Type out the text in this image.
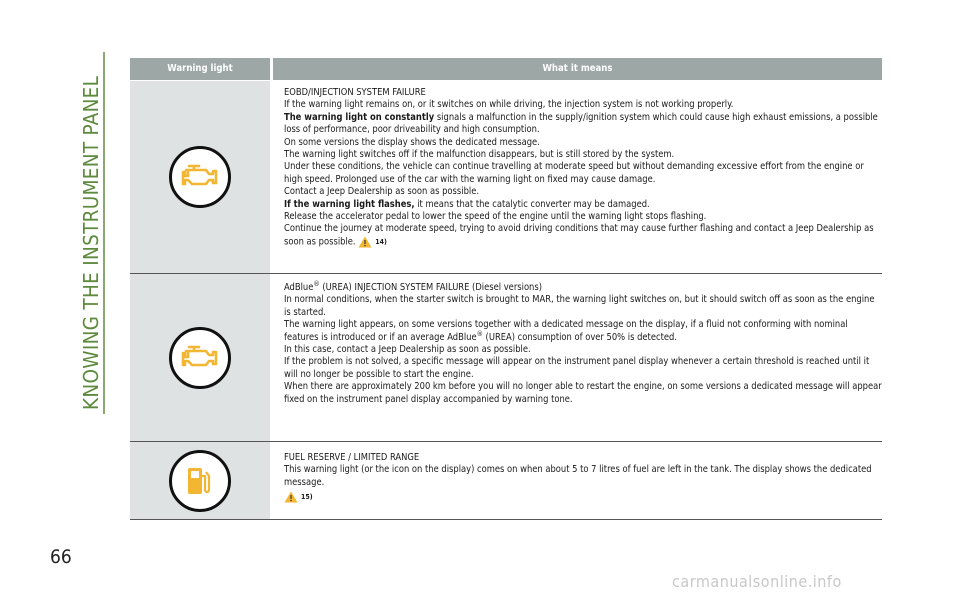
KNOWING THE INSTRUMENT PANEL
66
Warning light	What it means

EOBD/INJECTION SYSTEM FAILURE

If the warning light remains on, or it switches on while driving, the injection system is not working properly.

The warning light on constantly signals a malfunction in the supply/ignition system which could cause high exhaust emissions, a possible loss of performance, poor driveability and high consumption.

On some versions the display shows the dedicated message.

The warning light switches off if the malfunction disappears, but is still stored by the system.

Under these conditions, the vehicle can continue travelling at moderate speed but without demanding excessive effort from the engine or high speed. Prolonged use of the car with the warning light on fixed may cause damage.

Contact a Jeep Dealership as soon as possible.

If the warning light flashes, it means that the catalytic converter may be damaged.

Release the accelerator pedal to lower the speed of the engine until the warning light stops flashing.

Continue the journey at moderate speed, trying to avoid driving conditions that may cause further flashing and contact a Jeep Dealership as soon as possible.	14)

AdBlue® (UREA) INJECTION SYSTEM FAILURE (Diesel versions)

In normal conditions, when the starter switch is brought to MAR, the warning light switches on, but it should switch off as soon as the engine is started.

The warning light appears, on some versions together with a dedicated message on the display, if a fluid not conforming with nominal features is introduced or if an average AdBlue® (UREA) consumption of over 50% is detected.

In this case, contact a Jeep Dealership as soon as possible.

If the problem is not solved, a specific message will appear on the instrument panel display whenever a certain threshold is reached until it will no longer be possible to start the engine.

When there are approximately 200 km before you will no longer able to restart the engine, on some versions a dedicated message will appear fixed on the instrument panel display accompanied by warning tone.

FUEL RESERVE / LIMITED RANGE

This warning light (or the icon on the display) comes on when about 5 to 7 litres of fuel are left in the tank. The display shows the dedicated message.

15)

carmanualsonline.info
